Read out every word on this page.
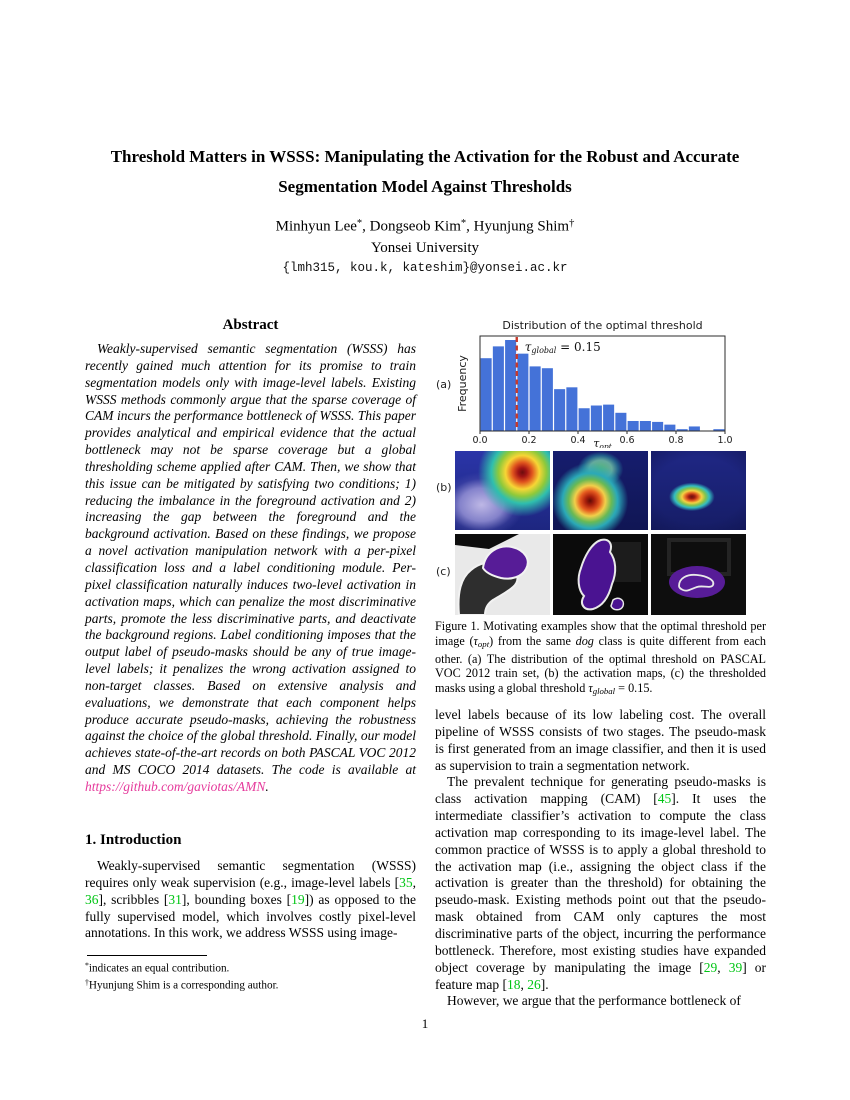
Threshold Matters in WSSS: Manipulating the Activation for the Robust and Accurate Segmentation Model Against Thresholds
Minhyun Lee*, Dongseob Kim*, Hyunjung Shim†
Yonsei University
{lmh315, kou.k, kateshim}@yonsei.ac.kr
Abstract

Weakly-supervised semantic segmentation (WSSS) has recently gained much attention for its promise to train segmentation models only with image-level labels. Existing WSSS methods commonly argue that the sparse coverage of CAM incurs the performance bottleneck of WSSS. This paper provides analytical and empirical evidence that the actual bottleneck may not be sparse coverage but a global thresholding scheme applied after CAM. Then, we show that this issue can be mitigated by satisfying two conditions; 1) reducing the imbalance in the foreground activation and 2) increasing the gap between the foreground and the background activation. Based on these findings, we propose a novel activation manipulation network with a per-pixel classification loss and a label conditioning module. Per-pixel classification naturally induces two-level activation in activation maps, which can penalize the most discriminative parts, promote the less discriminative parts, and deactivate the background regions. Label conditioning imposes that the output label of pseudo-masks should be any of true image-level labels; it penalizes the wrong activation assigned to non-target classes. Based on extensive analysis and evaluations, we demonstrate that each component helps produce accurate pseudo-masks, achieving the robustness against the choice of the global threshold. Finally, our model achieves state-of-the-art records on both PASCAL VOC 2012 and MS COCO 2014 datasets. The code is available at https://github.com/gaviotas/AMN.

1. Introduction

Weakly-supervised semantic segmentation (WSSS) requires only weak supervision (e.g., image-level labels [35, 36], scribbles [31], bounding boxes [19]) as opposed to the fully supervised model, which involves costly pixel-level annotations. In this work, we address WSSS using image-

*indicates an equal contribution.
†Hyunjung Shim is a corresponding author.
Distribution of the optimal threshold
τglobal = 0.15
0.0	0.2	0.4	0.6	0.8	1.0
τopt
Frequency
(a)
(b)
(c)
Figure 1. Motivating examples show that the optimal threshold per image $(\tau_{opt})$ from the same dog class is quite different from each other. (a) The distribution of the optimal threshold on PASCAL VOC 2012 train set, (b) the activation maps, (c) the thresholded masks using a global threshold $\tau_{global} = 0.15$.

level labels because of its low labeling cost. The overall pipeline of WSSS consists of two stages. The pseudo-mask is first generated from an image classifier, and then it is used as supervision to train a segmentation network.

The prevalent technique for generating pseudo-masks is class activation mapping (CAM) [45]. It uses the intermediate classifier’s activation to compute the class activation map corresponding to its image-level label. The common practice of WSSS is to apply a global threshold to the activation map (i.e., assigning the object class if the activation is greater than the threshold) for obtaining the pseudo-mask. Existing methods point out that the pseudo-mask obtained from CAM only captures the most discriminative parts of the object, incurring the performance bottleneck. Therefore, most existing studies have expanded object coverage by manipulating the image [29, 39] or feature map [18, 26].

However, we argue that the performance bottleneck of

1
